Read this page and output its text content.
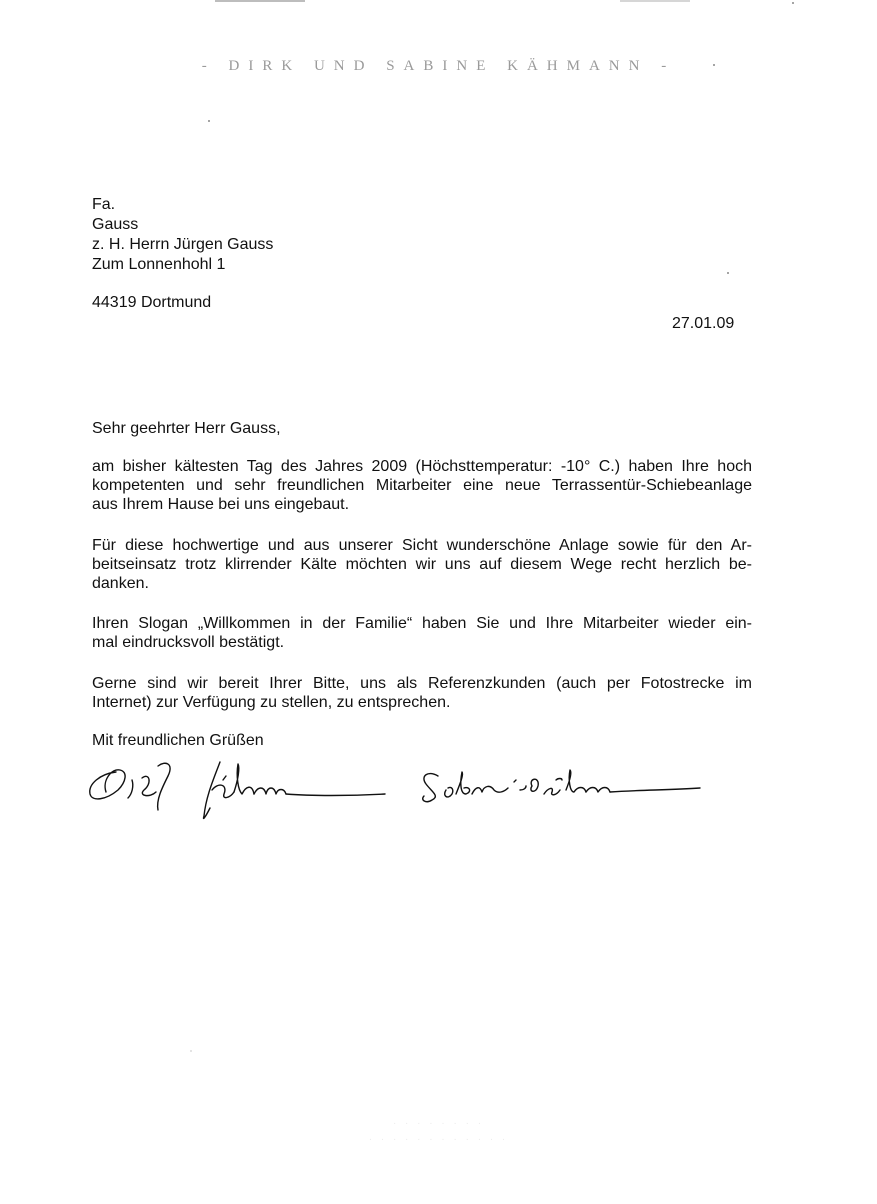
- DIRK UND SABINE KÄHMANN -
Fa.
Gauss
z. H. Herrn Jürgen Gauss
Zum Lonnenhohl 1
44319 Dortmund
27.01.09
Sehr geehrter Herr Gauss,
am bisher kältesten Tag des Jahres 2009 (Höchsttemperatur: -10° C.) haben Ihre hoch
kompetenten und sehr freundlichen Mitarbeiter eine neue Terrassentür-Schiebeanlage
aus Ihrem Hause bei uns eingebaut.
Für diese hochwertige und aus unserer Sicht wunderschöne Anlage sowie für den Ar-
beitseinsatz trotz klirrender Kälte möchten wir uns auf diesem Wege recht herzlich be-
danken.
Ihren Slogan „Willkommen in der Familie“ haben Sie und Ihre Mitarbeiter wieder ein-
mal eindrucksvoll bestätigt.
Gerne sind wir bereit Ihrer Bitte, uns als Referenzkunden (auch per Fotostrecke im
Internet) zur Verfügung zu stellen, zu entsprechen.
Mit freundlichen Grüßen
· · · · · · · ·
· · · · · · · · · · · ·
